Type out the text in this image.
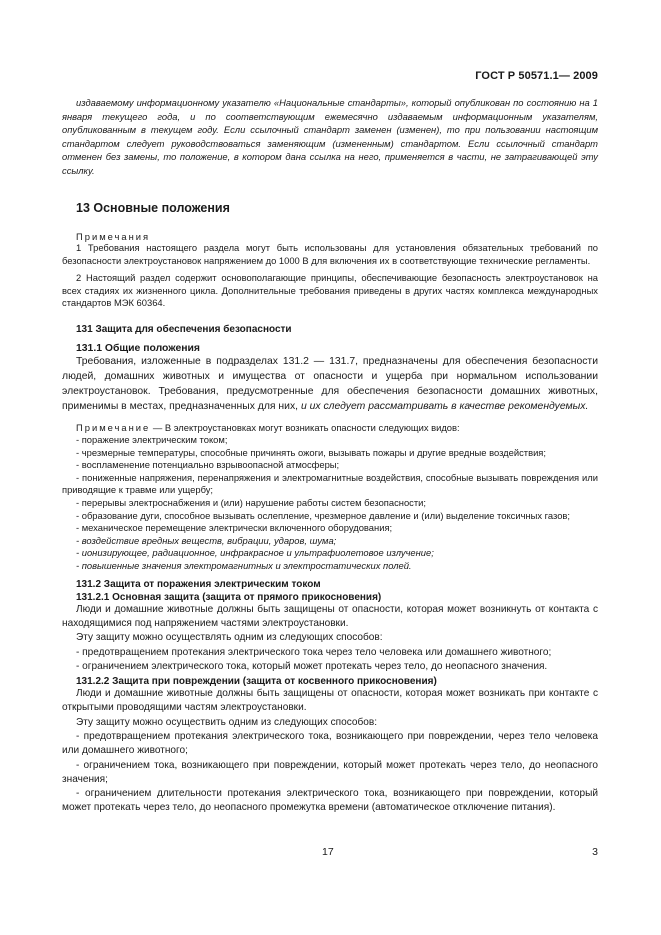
ГОСТ Р 50571.1— 2009

издаваемому информационному указателю «Национальные стандарты», который опубликован по состоянию на 1 января текущего года, и по соответствующим ежемесячно издаваемым информационным указателям, опубликованным в текущем году. Если ссылочный стандарт заменен (изменен), то при пользовании настоящим стандартом следует руководствоваться заменяющим (измененным) стандартом. Если ссылочный стандарт отменен без замены, то положение, в котором дана ссылка на него, применяется в части, не затрагивающей эту ссылку.

13 Основные положения
Примечания

1 Требования настоящего раздела могут быть использованы для установления обязательных требований по безопасности электроустановок напряжением до 1000 В для включения их в соответствующие технические регламенты.

2 Настоящий раздел содержит основополагающие принципы, обеспечивающие безопасность электроустановок на всех стадиях их жизненного цикла. Дополнительные требования приведены в других частях комплекса международных стандартов МЭК 60364.

131 Защита для обеспечения безопасности
131.1 Общие положения

Требования, изложенные в подразделах 131.2 — 131.7, предназначены для обеспечения безопасности людей, домашних животных и имущества от опасности и ущерба при нормальном использовании электроустановок. Требования, предусмотренные для обеспечения безопасности домашних животных, применимы в местах, предназначенных для них, и их следует рассматривать в качестве рекомендуемых.

Примечание — В электроустановках могут возникать опасности следующих видов:

- поражение электрическим током;

- чрезмерные температуры, способные причинять ожоги, вызывать пожары и другие вредные воздействия;

- воспламенение потенциально взрывоопасной атмосферы;

- пониженные напряжения, перенапряжения и электромагнитные воздействия, способные вызывать повреждения или приводящие к травме или ущербу;

- перерывы электроснабжения и (или) нарушение работы систем безопасности;

- образование дуги, способное вызывать ослепление, чрезмерное давление и (или) выделение токсичных газов;

- механическое перемещение электрически включенного оборудования;

- воздействие вредных веществ, вибрации, ударов, шума;

- ионизирующее, радиационное, инфракрасное и ультрафиолетовое излучение;

- повышенные значения электромагнитных и электростатических полей.

131.2 Защита от поражения электрическим током
131.2.1 Основная защита (защита от прямого прикосновения)

Люди и домашние животные должны быть защищены от опасности, которая может возникнуть от контакта с находящимися под напряжением частями электроустановки.

Эту защиту можно осуществлять одним из следующих способов:

- предотвращением протекания электрического тока через тело человека или домашнего животного;

- ограничением электрического тока, который может протекать через тело, до неопасного значения.

131.2.2 Защита при повреждении (защита от косвенного прикосновения)

Люди и домашние животные должны быть защищены от опасности, которая может возникать при контакте с открытыми проводящими частям электроустановки.

Эту защиту можно осуществить одним из следующих способов:

- предотвращением протекания электрического тока, возникающего при повреждении, через тело человека или домашнего животного;

- ограничением тока, возникающего при повреждении, который может протекать через тело, до неопасного значения;

- ограничением длительности протекания электрического тока, возникающего при повреждении, который может протекать через тело, до неопасного промежутка времени (автоматическое отключение питания).

17	3
